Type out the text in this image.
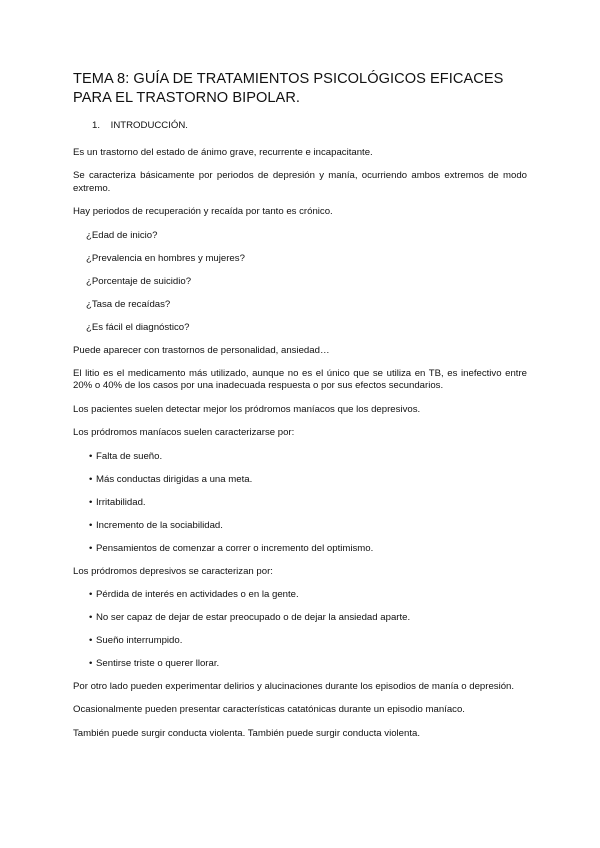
TEMA 8: GUÍA DE TRATAMIENTOS PSICOLÓGICOS EFICACES
PARA EL TRASTORNO BIPOLAR.
1. INTRODUCCIÓN.

Es un trastorno del estado de ánimo grave, recurrente e incapacitante.

Se caracteriza básicamente por periodos de depresión y manía, ocurriendo ambos extremos de modo extremo.

Hay periodos de recuperación y recaída por tanto es crónico.

¿Edad de inicio?
¿Prevalencia en hombres y mujeres?
¿Porcentaje de suicidio?
¿Tasa de recaídas?
¿Es fácil el diagnóstico?

Puede aparecer con trastornos de personalidad, ansiedad…

El litio es el medicamento más utilizado, aunque no es el único que se utiliza en TB, es inefectivo entre 20% o 40% de los casos por una inadecuada respuesta o por sus efectos secundarios.

Los pacientes suelen detectar mejor los pródromos maníacos que los depresivos.

Los pródromos maníacos suelen caracterizarse por:

• Falta de sueño.
• Más conductas dirigidas a una meta.
• Irritabilidad.
• Incremento de la sociabilidad.
• Pensamientos de comenzar a correr o incremento del optimismo.

Los pródromos depresivos se caracterizan por:

• Pérdida de interés en actividades o en la gente.
• No ser capaz de dejar de estar preocupado o de dejar la ansiedad aparte.
• Sueño interrumpido.
• Sentirse triste o querer llorar.

Por otro lado pueden experimentar delirios y alucinaciones durante los episodios de manía o depresión.

Ocasionalmente pueden presentar características catatónicas durante un episodio maníaco.

También puede surgir conducta violenta. También puede surgir conducta violenta.
